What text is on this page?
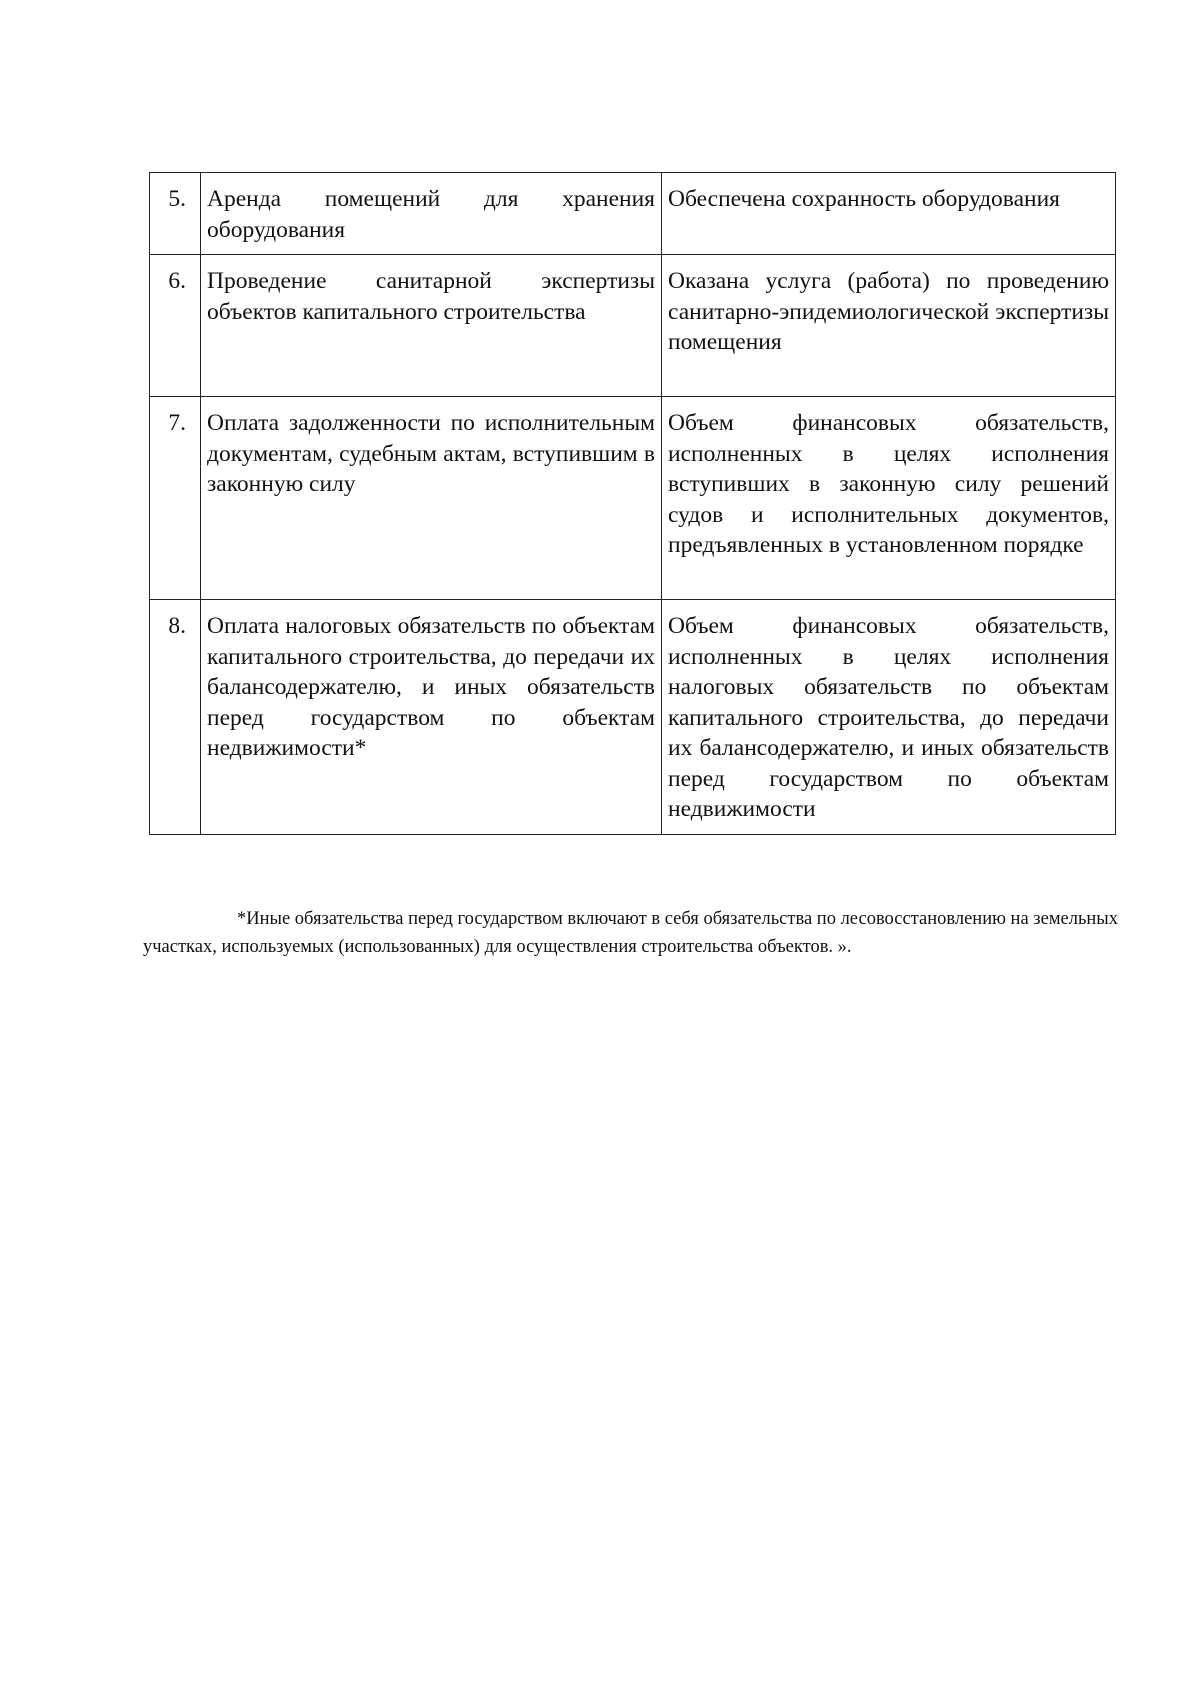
5.	Аренда помещений для хранения оборудования	Обеспечена сохранность оборудования
6.	Проведение санитарной экспертизы объектов капитального строительства	Оказана услуга (работа) по проведению санитарно-эпидемиологической экспертизы помещения
7.	Оплата задолженности по исполнительным документам, судебным актам, вступившим в законную силу	Объем финансовых обязательств, исполненных в целях исполнения вступивших в законную силу решений судов и исполнительных документов, предъявленных в установленном порядке
8.	Оплата налоговых обязательств по объектам капитального строительства, до передачи их балансодержателю, и иных обязательств перед государством по объектам недвижимости*	Объем финансовых обязательств, исполненных в целях исполнения налоговых обязательств по объектам капитального строительства, до передачи их балансодержателю, и иных обязательств перед государством по объектам недвижимости

*Иные обязательства перед государством включают в себя обязательства по лесовосстановлению на земельных участках, используемых (использованных) для осуществления строительства объектов. ».
